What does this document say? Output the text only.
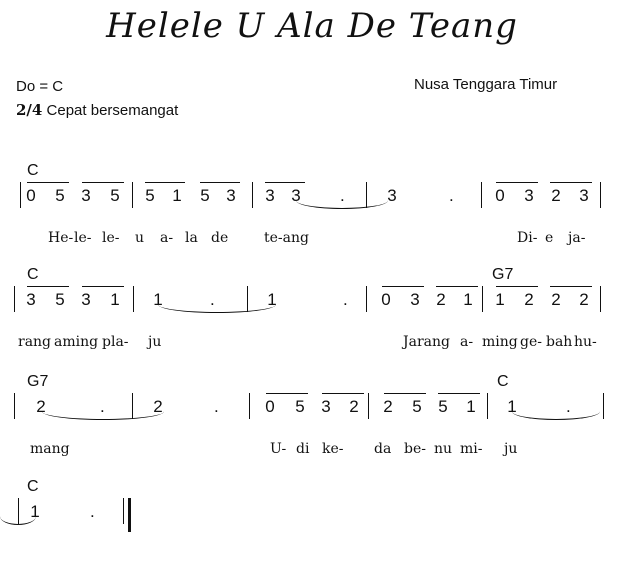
Helele U Ala De Teang
Do = C	Nusa Tenggara Timur
2/4 Cepat bersemangat
C
0 5 3 5 5 1 5 3 3 3 .	3	. 0 3 2 3
He- le- le- u a- la de	te-ang	Di- e ja-
C	G7
3 5 3 1 1	.	1	. 0 3 2 1 1 2 2 2
rang aming pla- ju	Jarang a- ming ge- bah hu-
G7	C
2	.	2	.	0 5 3 2 2 5 5 1 1	.
mang	U- di ke- da be- nu mi- ju
C
1	.
